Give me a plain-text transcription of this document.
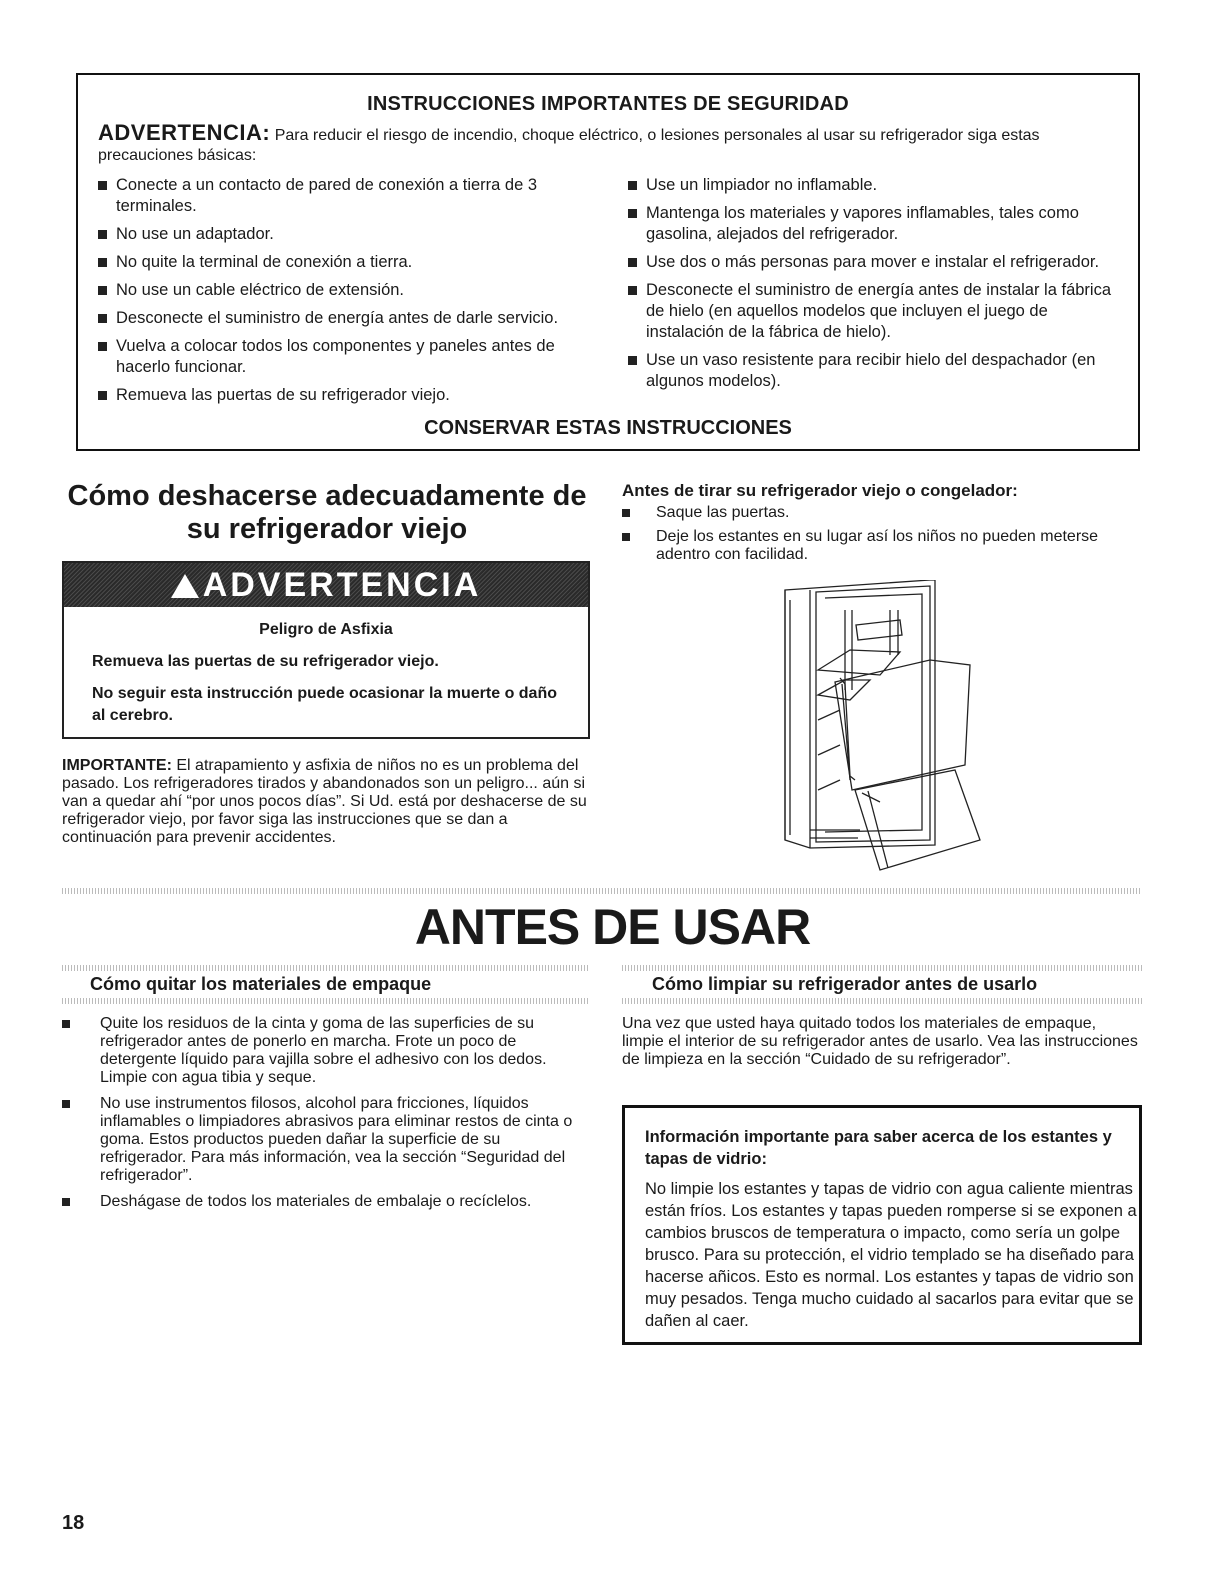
INSTRUCCIONES IMPORTANTES DE SEGURIDAD
ADVERTENCIA: Para reducir el riesgo de incendio, choque eléctrico, o lesiones personales al usar su refrigerador siga estas precauciones básicas:
Conecte a un contacto de pared de conexión a tierra de 3 terminales.
No use un adaptador.
No quite la terminal de conexión a tierra.
No use un cable eléctrico de extensión.
Desconecte el suministro de energía antes de darle servicio.
Vuelva a colocar todos los componentes y paneles antes de hacerlo funcionar.
Remueva las puertas de su refrigerador viejo.
Use un limpiador no inflamable.
Mantenga los materiales y vapores inflamables, tales como gasolina, alejados del refrigerador.
Use dos o más personas para mover e instalar el refrigerador.
Desconecte el suministro de energía antes de instalar la fábrica de hielo (en aquellos modelos que incluyen el juego de instalación de la fábrica de hielo).
Use un vaso resistente para recibir hielo del despachador (en algunos modelos).
CONSERVAR ESTAS INSTRUCCIONES
Cómo deshacerse adecuadamente de su refrigerador viejo
ADVERTENCIA
Peligro de Asfixia
Remueva las puertas de su refrigerador viejo.
No seguir esta instrucción puede ocasionar la muerte o daño al cerebro.
IMPORTANTE: El atrapamiento y asfixia de niños no es un problema del pasado. Los refrigeradores tirados y abandonados son un peligro... aún si van a quedar ahí “por unos pocos días”. Si Ud. está por deshacerse de su refrigerador viejo, por favor siga las instrucciones que se dan a continuación para prevenir accidentes.
Antes de tirar su refrigerador viejo o congelador:
Saque las puertas.
Deje los estantes en su lugar así los niños no pueden meterse adentro con facilidad.
ANTES DE USAR
Cómo quitar los materiales de empaque	Cómo limpiar su refrigerador antes de usarlo
Quite los residuos de la cinta y goma de las superficies de su refrigerador antes de ponerlo en marcha. Frote un poco de detergente líquido para vajilla sobre el adhesivo con los dedos. Limpie con agua tibia y seque.
No use instrumentos filosos, alcohol para fricciones, líquidos inflamables o limpiadores abrasivos para eliminar restos de cinta o goma. Estos productos pueden dañar la superficie de su refrigerador. Para más información, vea la sección “Seguridad del refrigerador”.
Deshágase de todos los materiales de embalaje o recíclelos.
Una vez que usted haya quitado todos los materiales de empaque, limpie el interior de su refrigerador antes de usarlo. Vea las instrucciones de limpieza en la sección “Cuidado de su refrigerador”.
Información importante para saber acerca de los estantes y tapas de vidrio:
No limpie los estantes y tapas de vidrio con agua caliente mientras están fríos. Los estantes y tapas pueden romperse si se exponen a cambios bruscos de temperatura o impacto, como sería un golpe brusco. Para su protección, el vidrio templado se ha diseñado para hacerse añicos. Esto es normal. Los estantes y tapas de vidrio son muy pesados. Tenga mucho cuidado al sacarlos para evitar que se dañen al caer.
18
